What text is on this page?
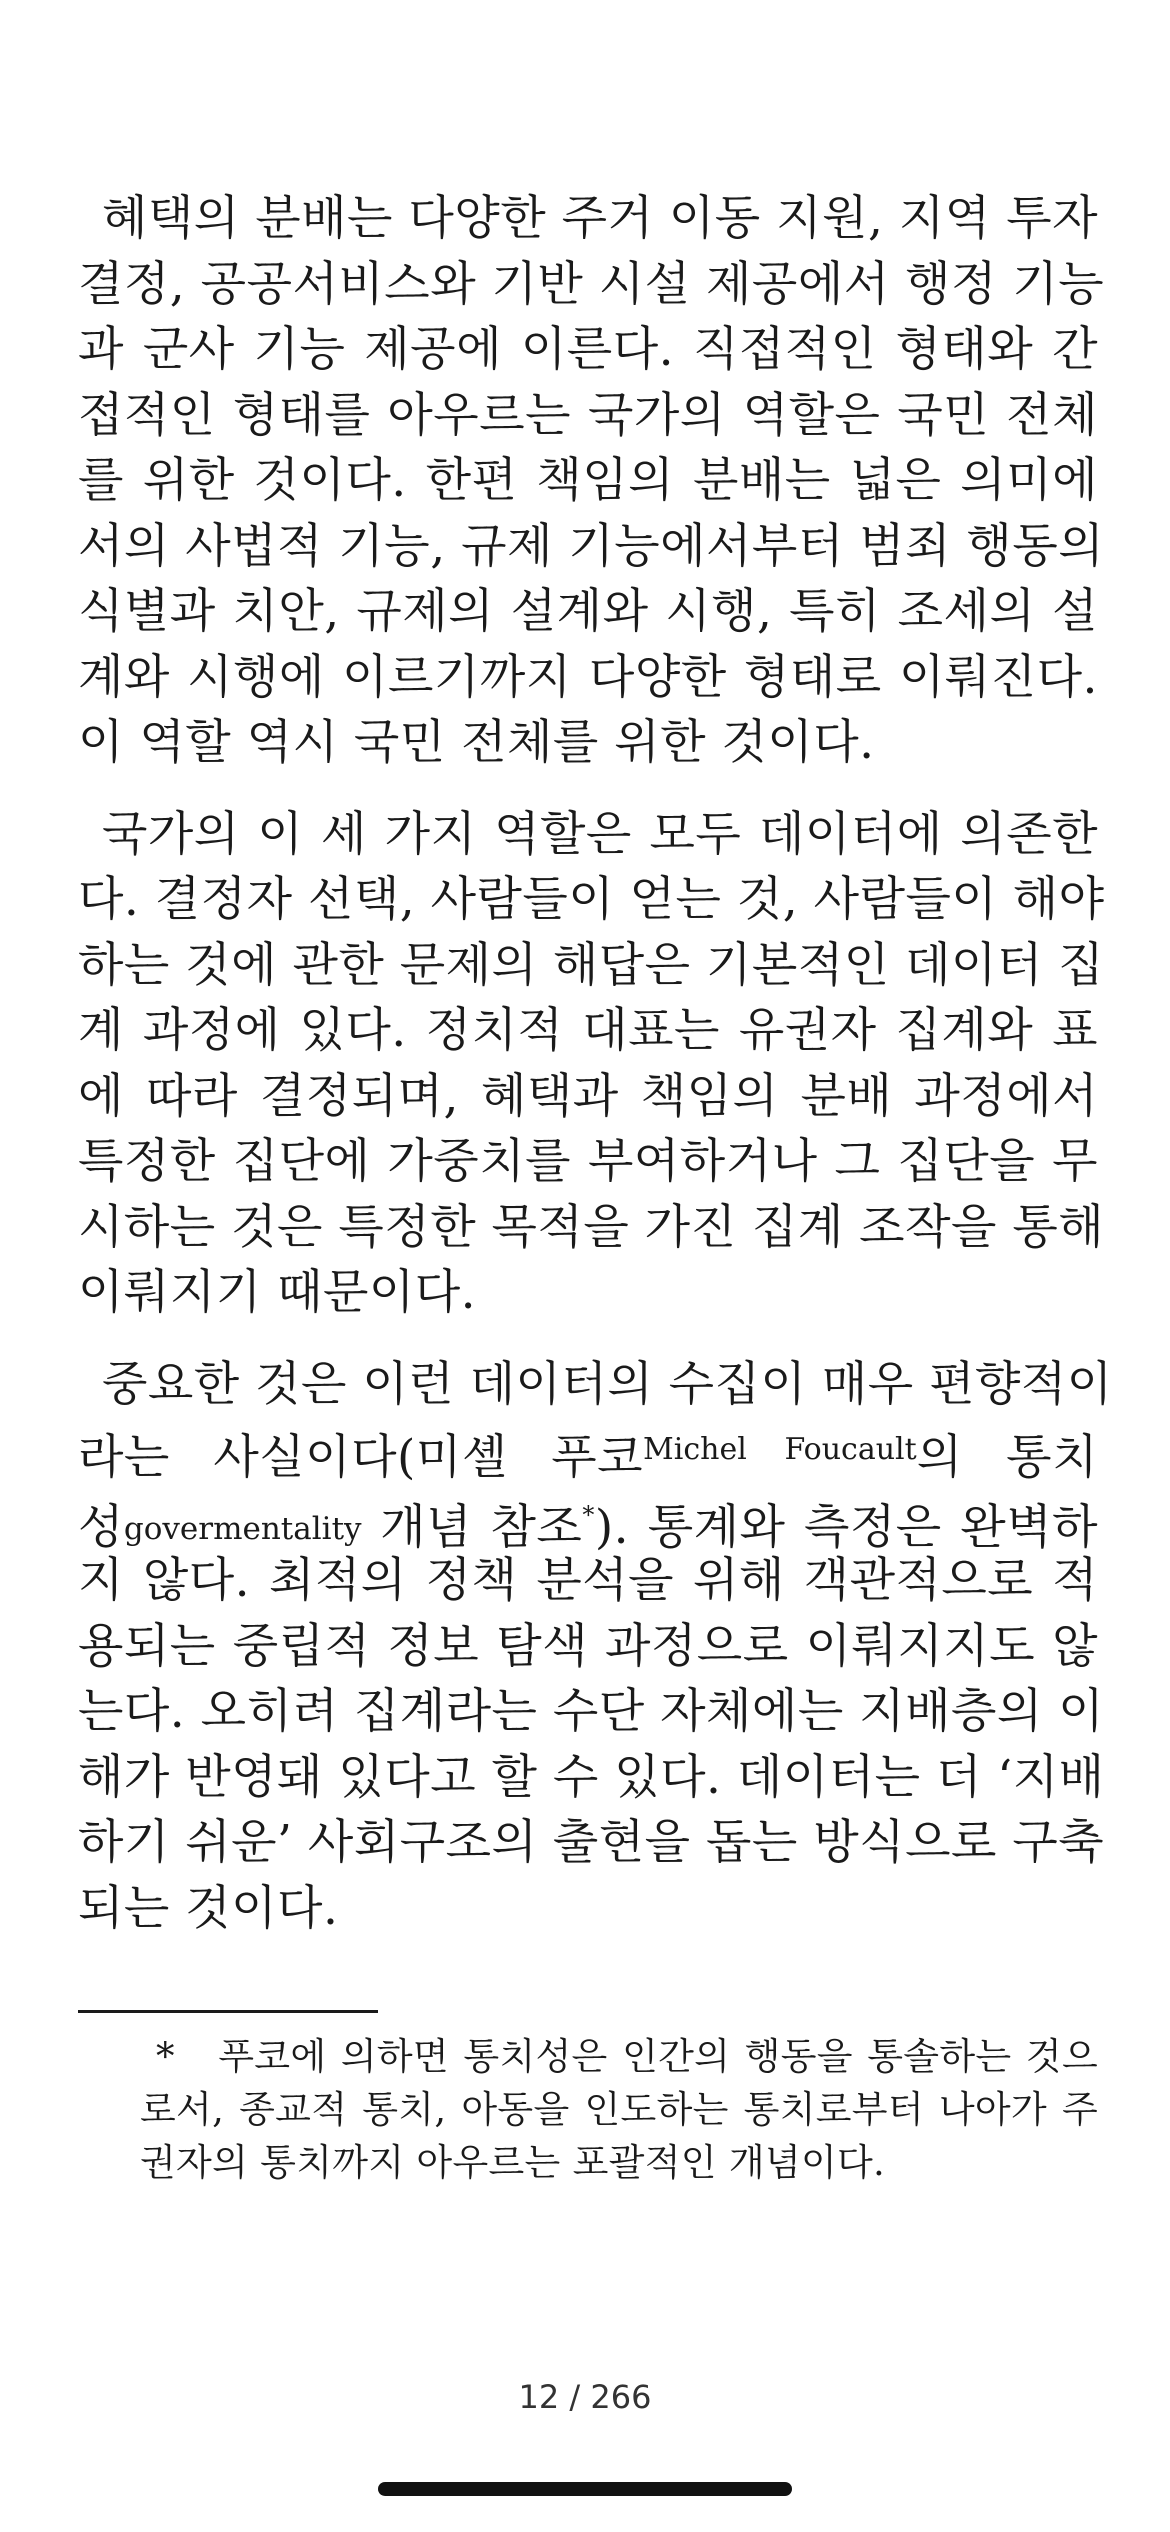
혜택의 분배는 다양한 주거 이동 지원, 지역 투자
결정, 공공서비스와 기반 시설 제공에서 행정 기능
과 군사 기능 제공에 이른다. 직접적인 형태와 간
접적인 형태를 아우르는 국가의 역할은 국민 전체
를 위한 것이다. 한편 책임의 분배는 넓은 의미에
서의 사법적 기능, 규제 기능에서부터 범죄 행동의
식별과 치안, 규제의 설계와 시행, 특히 조세의 설
계와 시행에 이르기까지 다양한 형태로 이뤄진다.
이 역할 역시 국민 전체를 위한 것이다.
국가의 이 세 가지 역할은 모두 데이터에 의존한
다. 결정자 선택, 사람들이 얻는 것, 사람들이 해야
하는 것에 관한 문제의 해답은 기본적인 데이터 집
계 과정에 있다. 정치적 대표는 유권자 집계와 표
에 따라 결정되며, 혜택과 책임의 분배 과정에서
특정한 집단에 가중치를 부여하거나 그 집단을 무
시하는 것은 특정한 목적을 가진 집계 조작을 통해
이뤄지기 때문이다.
중요한 것은 이런 데이터의 수집이 매우 편향적이
라는 사실이다(미셸 푸코$^{Michel Foucault}$의 통치
성govermentality 개념 참조*). 통계와 측정은 완벽하
지 않다. 최적의 정책 분석을 위해 객관적으로 적
용되는 중립적 정보 탐색 과정으로 이뤄지지도 않
는다. 오히려 집계라는 수단 자체에는 지배층의 이
해가 반영돼 있다고 할 수 있다. 데이터는 더 ‘지배
하기 쉬운’ 사회구조의 출현을 돕는 방식으로 구축
되는 것이다.
* 푸코에 의하면 통치성은 인간의 행동을 통솔하는 것으
로서, 종교적 통치, 아동을 인도하는 통치로부터 나아가 주
권자의 통치까지 아우르는 포괄적인 개념이다.
12 / 266
